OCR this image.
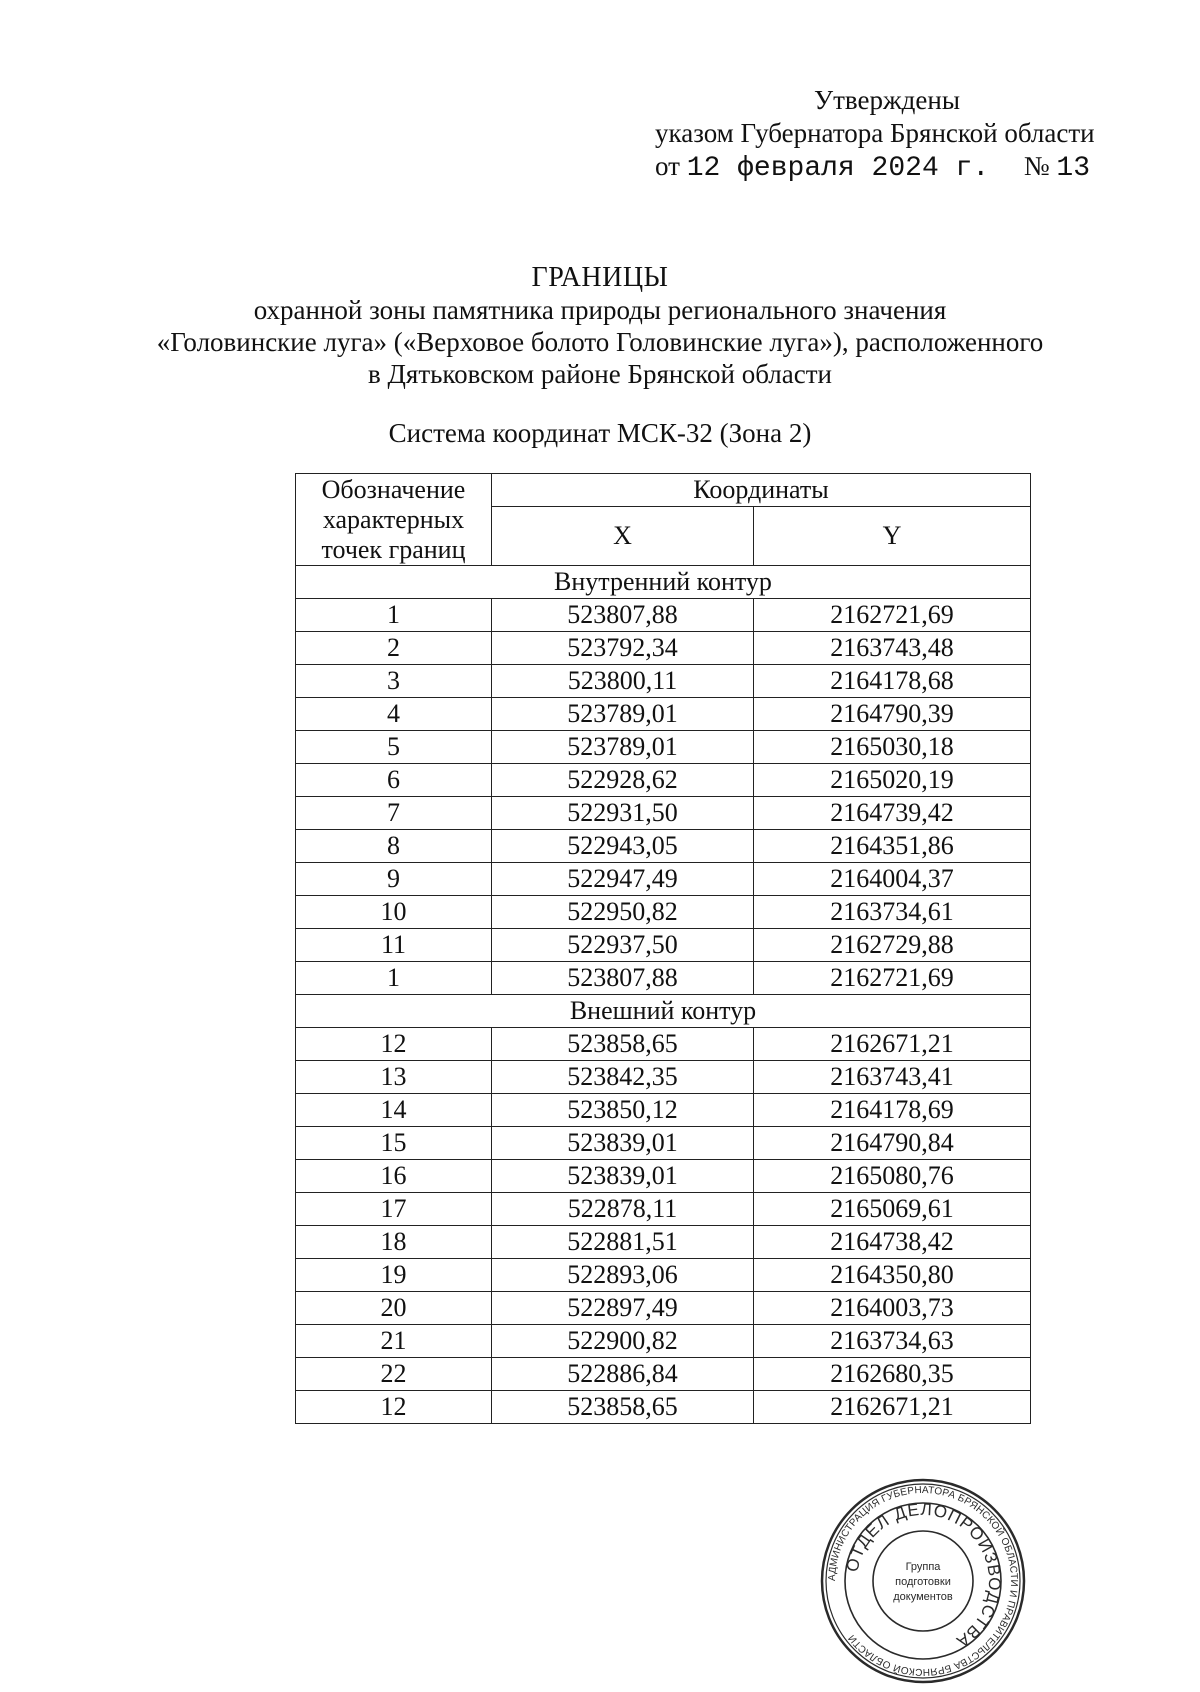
Утверждены
указом Губернатора Брянской области
от 12 февраля 2024 г. № 13
ГРАНИЦЫ
охранной зоны памятника природы регионального значения
«Головинские луга» («Верховое болото Головинские луга»), расположенного
в Дятьковском районе Брянской области
Система координат МСК-32 (Зона 2)
Обозначение характерных точек границ	Координаты	
	X	Y
Внутренний контур		
1	523807,88	2162721,69
2	523792,34	2163743,48
3	523800,11	2164178,68
4	523789,01	2164790,39
5	523789,01	2165030,18
6	522928,62	2165020,19
7	522931,50	2164739,42
8	522943,05	2164351,86
9	522947,49	2164004,37
10	522950,82	2163734,61
11	522937,50	2162729,88
1	523807,88	2162721,69
Внешний контур		
12	523858,65	2162671,21
13	523842,35	2163743,41
14	523850,12	2164178,69
15	523839,01	2164790,84
16	523839,01	2165080,76
17	522878,11	2165069,61
18	522881,51	2164738,42
19	522893,06	2164350,80
20	522897,49	2164003,73
21	522900,82	2163734,63
22	522886,84	2162680,35
12	523858,65	2162671,21
АДМИНИСТРАЦИЯ ГУБЕРНАТОРА БРЯНСКОЙ ОБЛАСТИ И ПРАВИТЕЛЬСТВА БРЯНСКОЙ ОБЛАСТИ
ОТДЕЛ ДЕЛОПРОИЗВОДСТВА
Группа
подготовки
документов
